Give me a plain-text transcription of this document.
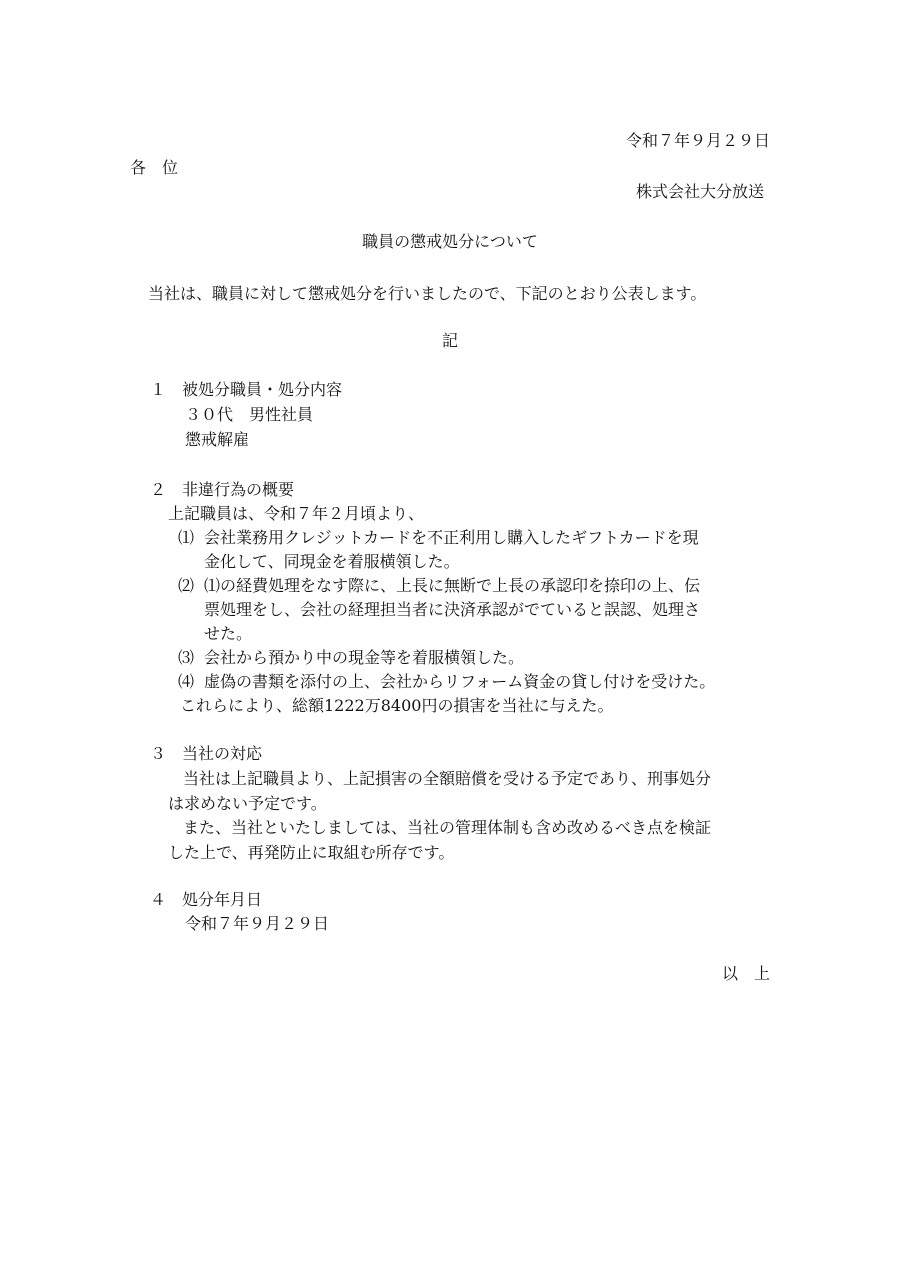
令和７年９月２９日
各　位
株式会社大分放送
職員の懲戒処分について
当社は、職員に対して懲戒処分を行いましたので、下記のとおり公表します。
記
１　被処分職員・処分内容
３０代　男性社員
懲戒解雇
２　非違行為の概要
上記職員は、令和７年２月頃より、
⑴ 会社業務用クレジットカードを不正利用し購入したギフトカードを現
金化して、同現金を着服横領した。
⑵ ⑴の経費処理をなす際に、上長に無断で上長の承認印を捺印の上、伝
票処理をし、会社の経理担当者に決済承認がでていると誤認、処理さ
せた。
⑶ 会社から預かり中の現金等を着服横領した。
⑷ 虚偽の書類を添付の上、会社からリフォーム資金の貸し付けを受けた。
これらにより、総額1222万8400円の損害を当社に与えた。
３　当社の対応
当社は上記職員より、上記損害の全額賠償を受ける予定であり、刑事処分
は求めない予定です。
また、当社といたしましては、当社の管理体制も含め改めるべき点を検証
した上で、再発防止に取組む所存です。
４　処分年月日
令和７年９月２９日
以　上
